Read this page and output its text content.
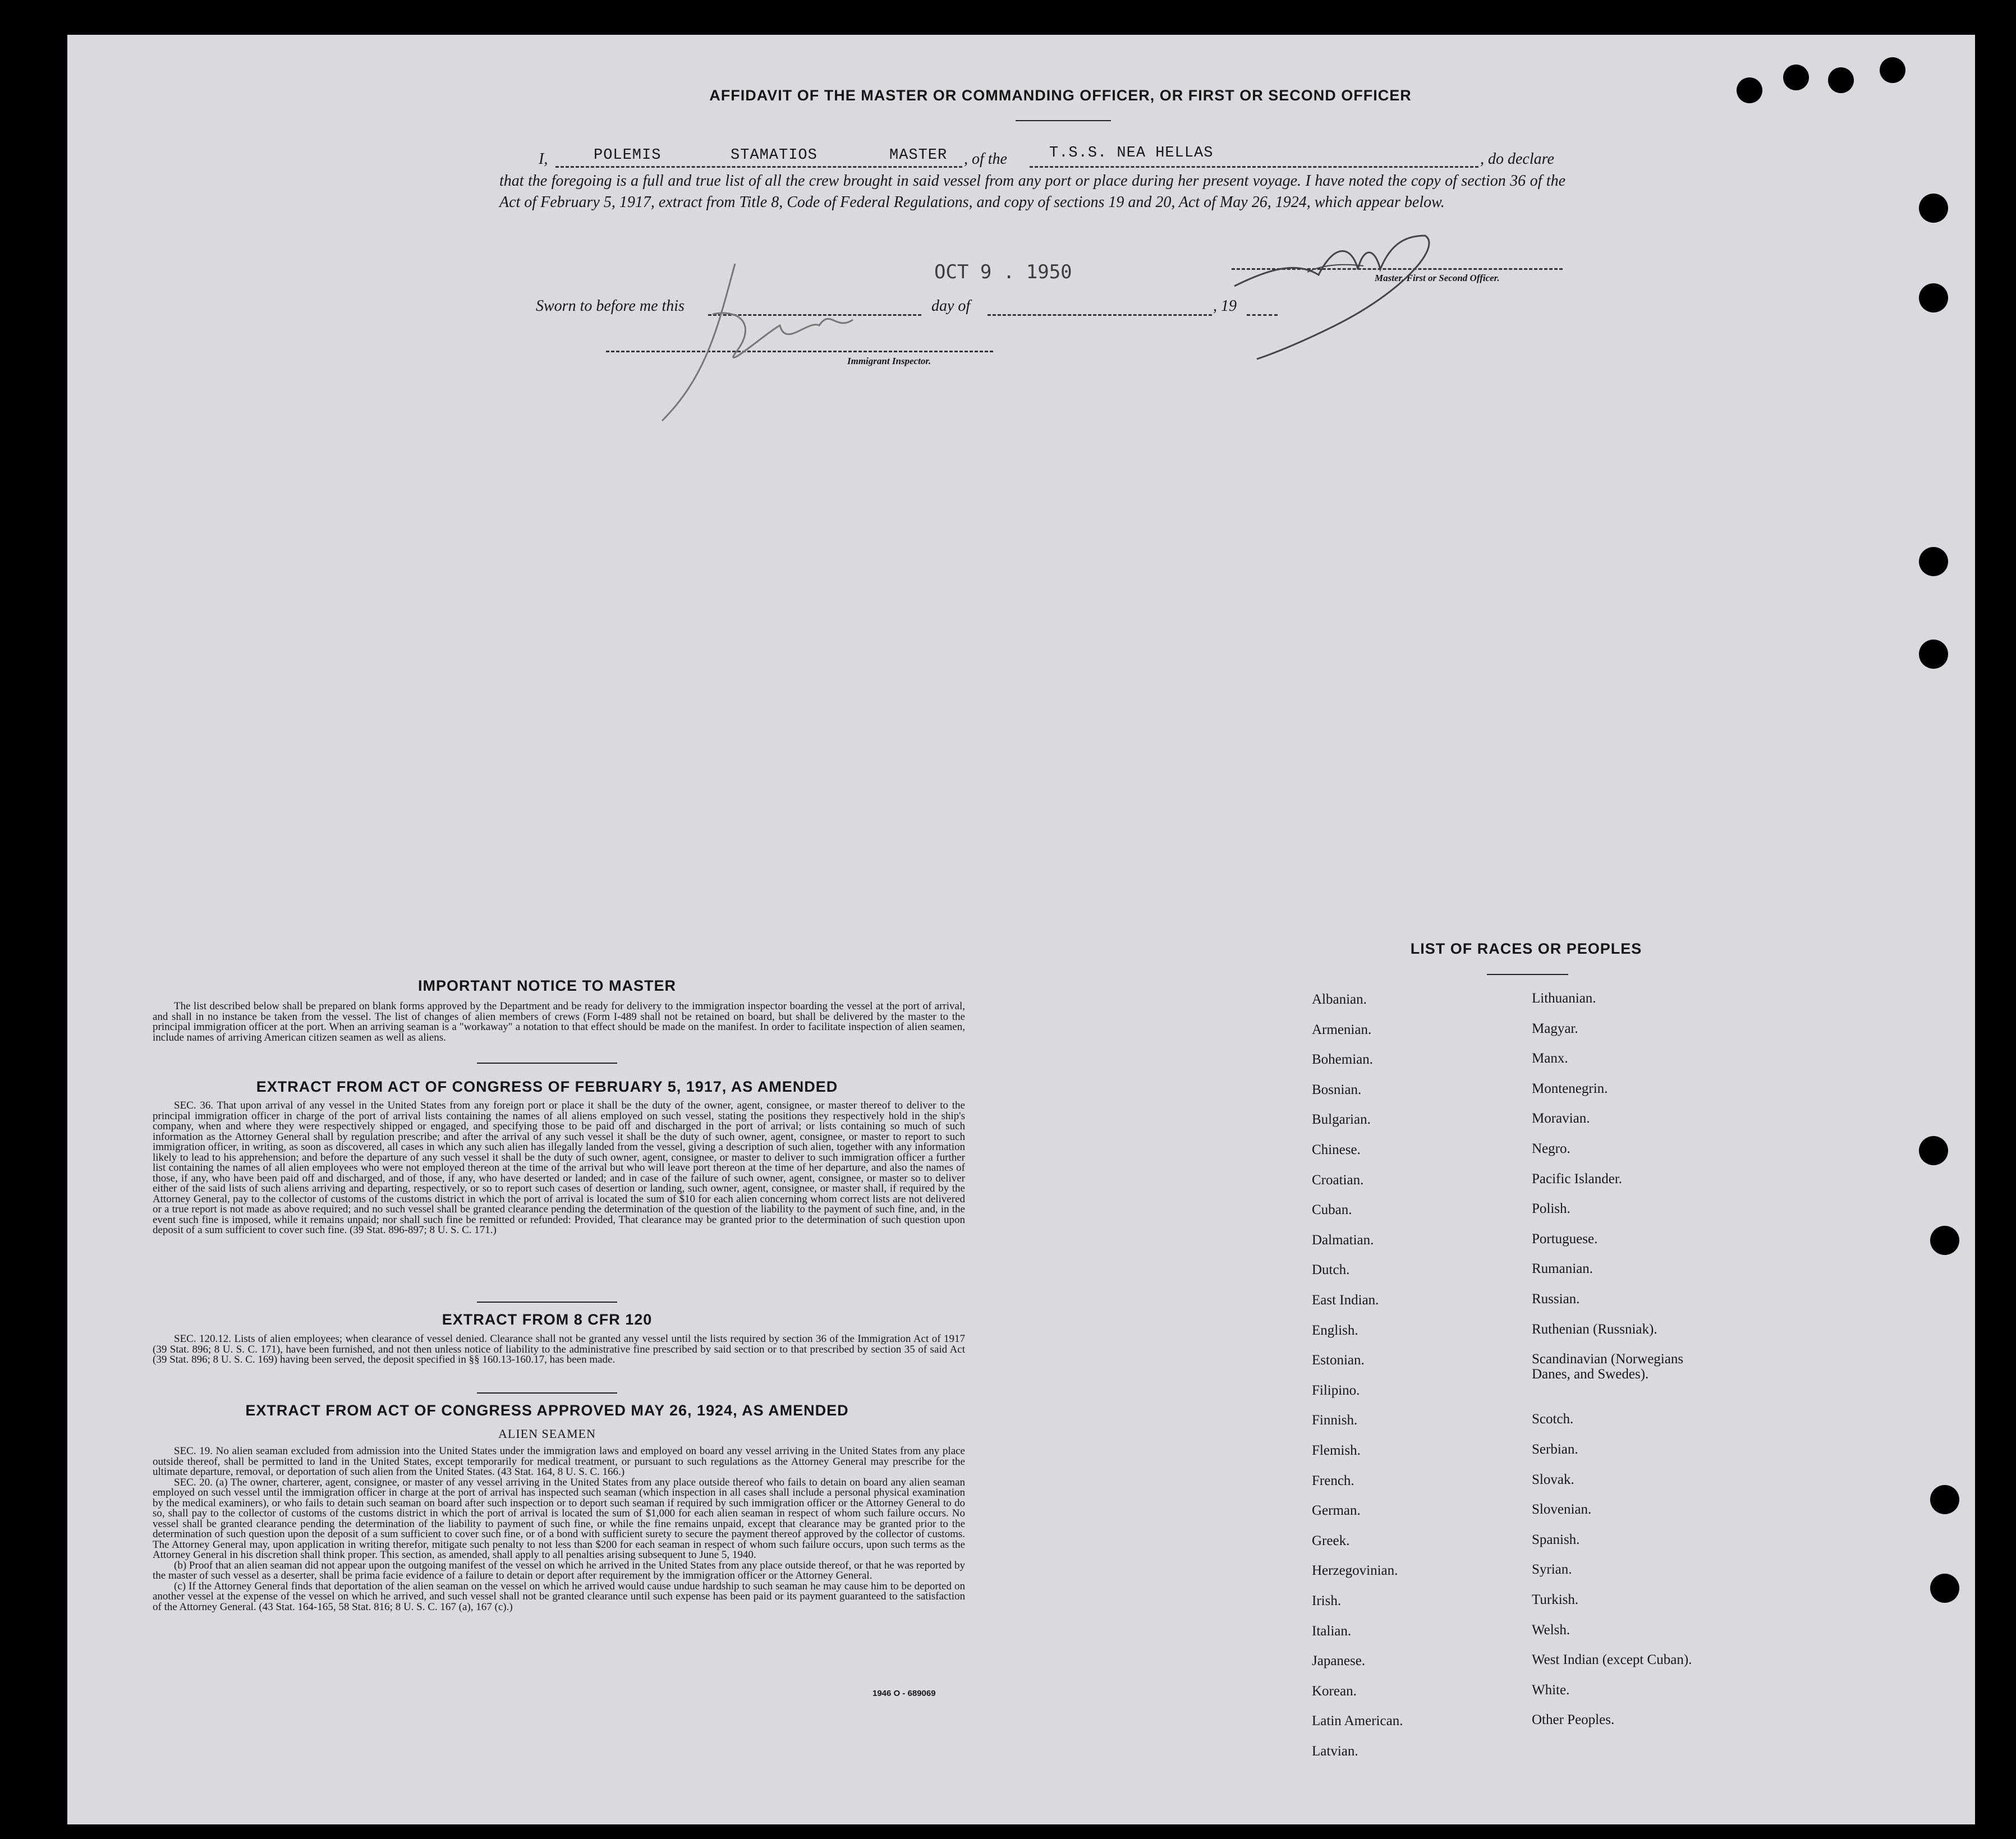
AFFIDAVIT OF THE MASTER OR COMMANDING OFFICER, OR FIRST OR SECOND OFFICER
I,	POLEMIS	STAMATIOS	MASTER , of the	T.S.S. NEA HELLAS	, do declare
that the foregoing is a full and true list of all the crew brought in said vessel from any port or place during her present voyage. I have noted the copy of section 36 of the Act of February 5, 1917, extract from Title 8, Code of Federal Regulations, and copy of sections 19 and 20, Act of May 26, 1924, which appear below.
OCT 9 . 1950
Sworn to before me this	day of	, 19
Master, First or Second Officer.
Immigrant Inspector.
IMPORTANT NOTICE TO MASTER
The list described below shall be prepared on blank forms approved by the Department and be ready for delivery to the immigration inspector boarding the vessel at the port of arrival, and shall in no instance be taken from the vessel. The list of changes of alien members of crews (Form I-489 shall not be retained on board, but shall be delivered by the master to the principal immigration officer at the port. When an arriving seaman is a "workaway" a notation to that effect should be made on the manifest. In order to facilitate inspection of alien seamen, include names of arriving American citizen seamen as well as aliens.
EXTRACT FROM ACT OF CONGRESS OF FEBRUARY 5, 1917, AS AMENDED
SEC. 36. That upon arrival of any vessel in the United States from any foreign port or place it shall be the duty of the owner, agent, consignee, or master thereof to deliver to the principal immigration officer in charge of the port of arrival lists containing the names of all aliens employed on such vessel, stating the positions they respectively hold in the ship's company, when and where they were respectively shipped or engaged, and specifying those to be paid off and discharged in the port of arrival; or lists containing so much of such information as the Attorney General shall by regulation prescribe; and after the arrival of any such vessel it shall be the duty of such owner, agent, consignee, or master to report to such immigration officer, in writing, as soon as discovered, all cases in which any such alien has illegally landed from the vessel, giving a description of such alien, together with any information likely to lead to his apprehension; and before the departure of any such vessel it shall be the duty of such owner, agent, consignee, or master to deliver to such immigration officer a further list containing the names of all alien employees who were not employed thereon at the time of the arrival but who will leave port thereon at the time of her departure, and also the names of those, if any, who have been paid off and discharged, and of those, if any, who have deserted or landed; and in case of the failure of such owner, agent, consignee, or master so to deliver either of the said lists of such aliens arriving and departing, respectively, or so to report such cases of desertion or landing, such owner, agent, consignee, or master shall, if required by the Attorney General, pay to the collector of customs of the customs district in which the port of arrival is located the sum of $10 for each alien concerning whom correct lists are not delivered or a true report is not made as above required; and no such vessel shall be granted clearance pending the determination of the question of the liability to the payment of such fine, and, in the event such fine is imposed, while it remains unpaid; nor shall such fine be remitted or refunded: Provided, That clearance may be granted prior to the determination of such question upon deposit of a sum sufficient to cover such fine. (39 Stat. 896-897; 8 U. S. C. 171.)
EXTRACT FROM 8 CFR 120
SEC. 120.12. Lists of alien employees; when clearance of vessel denied. Clearance shall not be granted any vessel until the lists required by section 36 of the Immigration Act of 1917 (39 Stat. 896; 8 U. S. C. 171), have been furnished, and not then unless notice of liability to the administrative fine prescribed by said section or to that prescribed by section 35 of said Act (39 Stat. 896; 8 U. S. C. 169) having been served, the deposit specified in §§ 160.13-160.17, has been made.
EXTRACT FROM ACT OF CONGRESS APPROVED MAY 26, 1924, AS AMENDED
ALIEN SEAMEN
SEC. 19. No alien seaman excluded from admission into the United States under the immigration laws and employed on board any vessel arriving in the United States from any place outside thereof, shall be permitted to land in the United States, except temporarily for medical treatment, or pursuant to such regulations as the Attorney General may prescribe for the ultimate departure, removal, or deportation of such alien from the United States. (43 Stat. 164, 8 U. S. C. 166.)
SEC. 20. (a) The owner, charterer, agent, consignee, or master of any vessel arriving in the United States from any place outside thereof who fails to detain on board any alien seaman employed on such vessel until the immigration officer in charge at the port of arrival has inspected such seaman (which inspection in all cases shall include a personal physical examination by the medical examiners), or who fails to detain such seaman on board after such inspection or to deport such seaman if required by such immigration officer or the Attorney General to do so, shall pay to the collector of customs of the customs district in which the port of arrival is located the sum of $1,000 for each alien seaman in respect of whom such failure occurs. No vessel shall be granted clearance pending the determination of the liability to payment of such fine, or while the fine remains unpaid, except that clearance may be granted prior to the determination of such question upon the deposit of a sum sufficient to cover such fine, or of a bond with sufficient surety to secure the payment thereof approved by the collector of customs. The Attorney General may, upon application in writing therefor, mitigate such penalty to not less than $200 for each seaman in respect of whom such failure occurs, upon such terms as the Attorney General in his discretion shall think proper. This section, as amended, shall apply to all penalties arising subsequent to June 5, 1940.
(b) Proof that an alien seaman did not appear upon the outgoing manifest of the vessel on which he arrived in the United States from any place outside thereof, or that he was reported by the master of such vessel as a deserter, shall be prima facie evidence of a failure to detain or deport after requirement by the immigration officer or the Attorney General.
(c) If the Attorney General finds that deportation of the alien seaman on the vessel on which he arrived would cause undue hardship to such seaman he may cause him to be deported on another vessel at the expense of the vessel on which he arrived, and such vessel shall not be granted clearance until such expense has been paid or its payment guaranteed to the satisfaction of the Attorney General. (43 Stat. 164-165, 58 Stat. 816; 8 U. S. C. 167 (a), 167 (c).)
1946 O - 689069
LIST OF RACES OR PEOPLES
Albanian.
Armenian.
Bohemian.
Bosnian.
Bulgarian.
Chinese.
Croatian.
Cuban.
Dalmatian.
Dutch.
East Indian.
English.
Estonian.
Filipino.
Finnish.
Flemish.
French.
German.
Greek.
Herzegovinian.
Irish.
Italian.
Japanese.
Korean.
Latin American.
Latvian.
Lithuanian.
Magyar.
Manx.
Montenegrin.
Moravian.
Negro.
Pacific Islander.
Polish.
Portuguese.
Rumanian.
Russian.
Ruthenian (Russniak).
Scandinavian (Norwegians
Danes, and Swedes).
Scotch.
Serbian.
Slovak.
Slovenian.
Spanish.
Syrian.
Turkish.
Welsh.
West Indian (except Cuban).
White.
Other Peoples.
